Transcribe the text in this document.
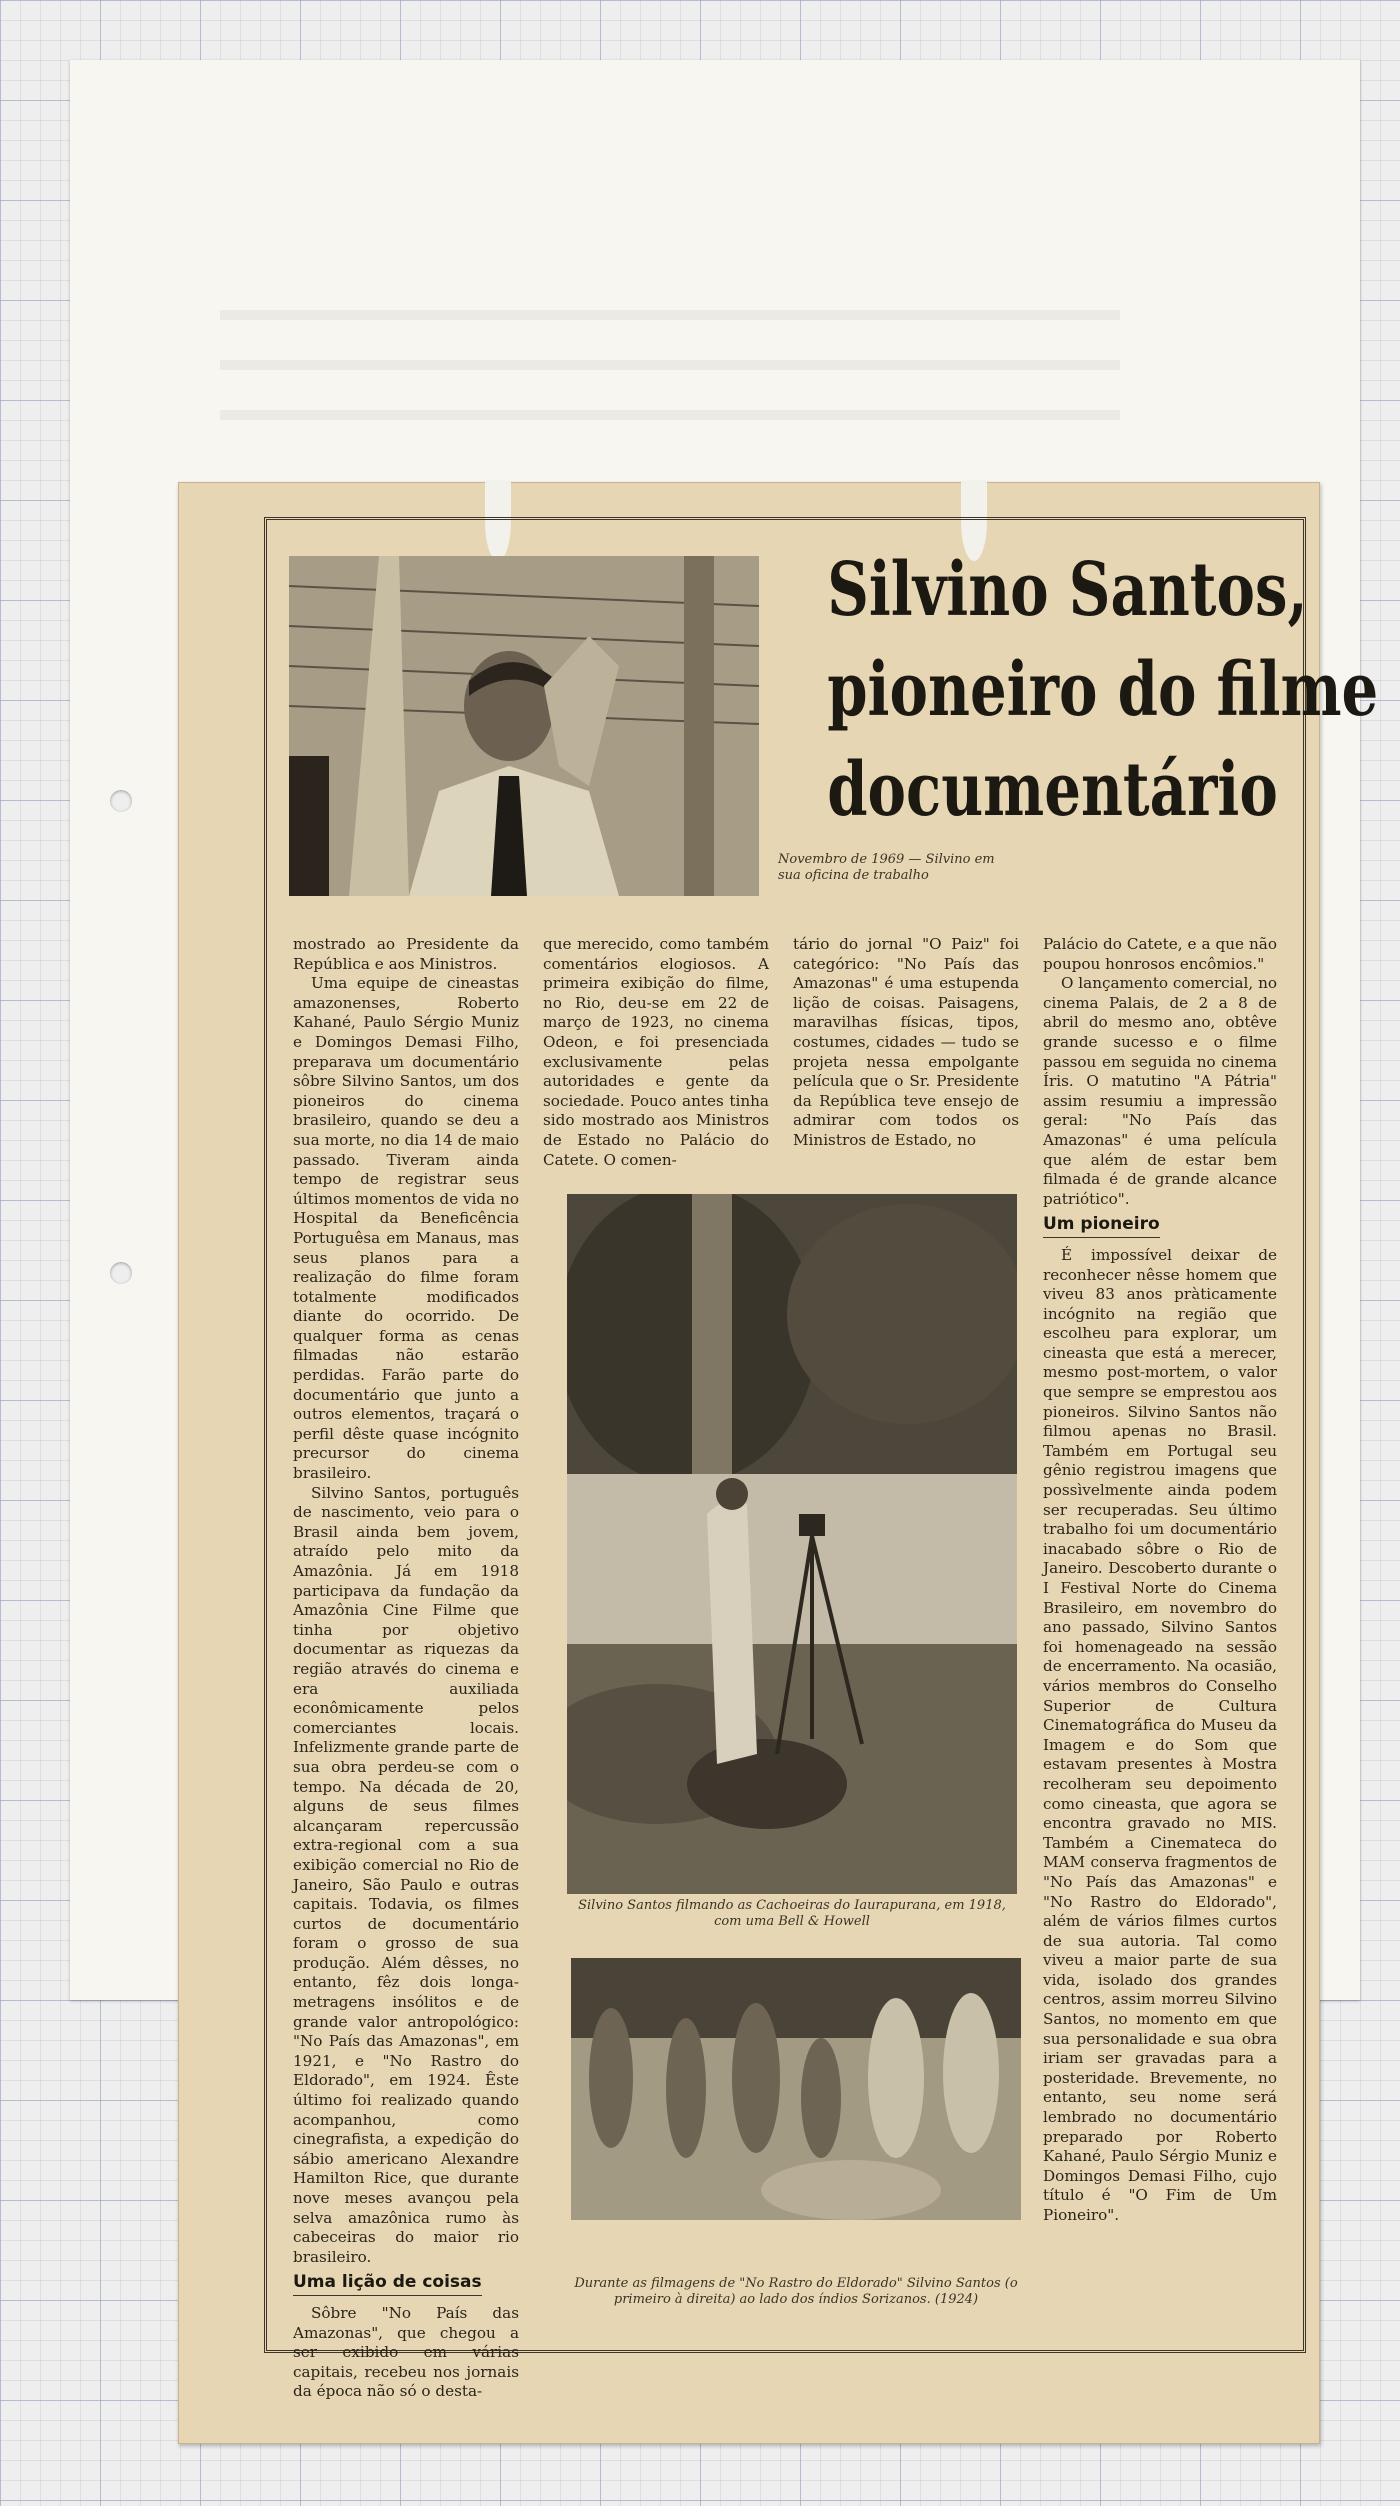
Silvino Santos,
pioneiro do filme
documentário
Novembro de 1969 — Silvino em sua oficina de trabalho

mostrado ao Presidente da República e aos Ministros.

Uma equipe de cineastas amazonenses, Roberto Kahané, Paulo Sérgio Muniz e Domingos Demasi Filho, preparava um documentário sôbre Silvino Santos, um dos pioneiros do cinema brasileiro, quando se deu a sua morte, no dia 14 de maio passado. Tiveram ainda tempo de registrar seus últimos momentos de vida no Hospital da Beneficência Portuguêsa em Manaus, mas seus planos para a realização do filme foram totalmente modificados diante do ocorrido. De qualquer forma as cenas filmadas não estarão perdidas. Farão parte do documentário que junto a outros elementos, traçará o perfil dêste quase incógnito precursor do cinema brasileiro.

Silvino Santos, português de nascimento, veio para o Brasil ainda bem jovem, atraído pelo mito da Amazônia. Já em 1918 participava da fundação da Amazônia Cine Filme que tinha por objetivo documentar as riquezas da região através do cinema e era auxiliada econômicamente pelos comerciantes locais. Infelizmente grande parte de sua obra perdeu-se com o tempo. Na década de 20, alguns de seus filmes alcançaram repercussão extra-regional com a sua exibição comercial no Rio de Janeiro, São Paulo e outras capitais. Todavia, os filmes curtos de documentário foram o grosso de sua produção. Além dêsses, no entanto, fêz dois longa-metragens insólitos e de grande valor antropológico: "No País das Amazonas", em 1921, e "No Rastro do Eldorado", em 1924. Êste último foi realizado quando acompanhou, como cinegrafista, a expedição do sábio americano Alexandre Hamilton Rice, que durante nove meses avançou pela selva amazônica rumo às cabeceiras do maior rio brasileiro.

Uma lição de coisas

Sôbre "No País das Amazonas", que chegou a ser exibido em várias capitais, recebeu nos jornais da época não só o desta-

que merecido, como também comentários elogiosos. A primeira exibição do filme, no Rio, deu-se em 22 de março de 1923, no cinema Odeon, e foi presenciada exclusivamente pelas autoridades e gente da sociedade. Pouco antes tinha sido mostrado aos Ministros de Estado no Palácio do Catete. O comen-

tário do jornal "O Paiz" foi categórico: "No País das Amazonas" é uma estupenda lição de coisas. Paisagens, maravilhas físicas, tipos, costumes, cidades — tudo se projeta nessa empolgante película que o Sr. Presidente da República teve ensejo de admirar com todos os Ministros de Estado, no

Silvino Santos filmando as Cachoeiras do Iaurapurana, em 1918, com uma Bell & Howell
Durante as filmagens de "No Rastro do Eldorado" Silvino Santos (o primeiro à direita) ao lado dos índios Sorizanos. (1924)

Palácio do Catete, e a que não poupou honrosos encômios."

O lançamento comercial, no cinema Palais, de 2 a 8 de abril do mesmo ano, obtêve grande sucesso e o filme passou em seguida no cinema Íris. O matutino "A Pátria" assim resumiu a impressão geral: "No País das Amazonas" é uma película que além de estar bem filmada é de grande alcance patriótico".

Um pioneiro

É impossível deixar de reconhecer nêsse homem que viveu 83 anos pràticamente incógnito na região que escolheu para explorar, um cineasta que está a merecer, mesmo post-mortem, o valor que sempre se emprestou aos pioneiros. Silvino Santos não filmou apenas no Brasil. Também em Portugal seu gênio registrou imagens que possìvelmente ainda podem ser recuperadas. Seu último trabalho foi um documentário inacabado sôbre o Rio de Janeiro. Descoberto durante o I Festival Norte do Cinema Brasileiro, em novembro do ano passado, Silvino Santos foi homenageado na sessão de encerramento. Na ocasião, vários membros do Conselho Superior de Cultura Cinematográfica do Museu da Imagem e do Som que estavam presentes à Mostra recolheram seu depoimento como cineasta, que agora se encontra gravado no MIS. Também a Cinemateca do MAM conserva fragmentos de "No País das Amazonas" e "No Rastro do Eldorado", além de vários filmes curtos de sua autoria. Tal como viveu a maior parte de sua vida, isolado dos grandes centros, assim morreu Silvino Santos, no momento em que sua personalidade e sua obra iriam ser gravadas para a posteridade. Brevemente, no entanto, seu nome será lembrado no documentário preparado por Roberto Kahané, Paulo Sérgio Muniz e Domingos Demasi Filho, cujo título é "O Fim de Um Pioneiro".
